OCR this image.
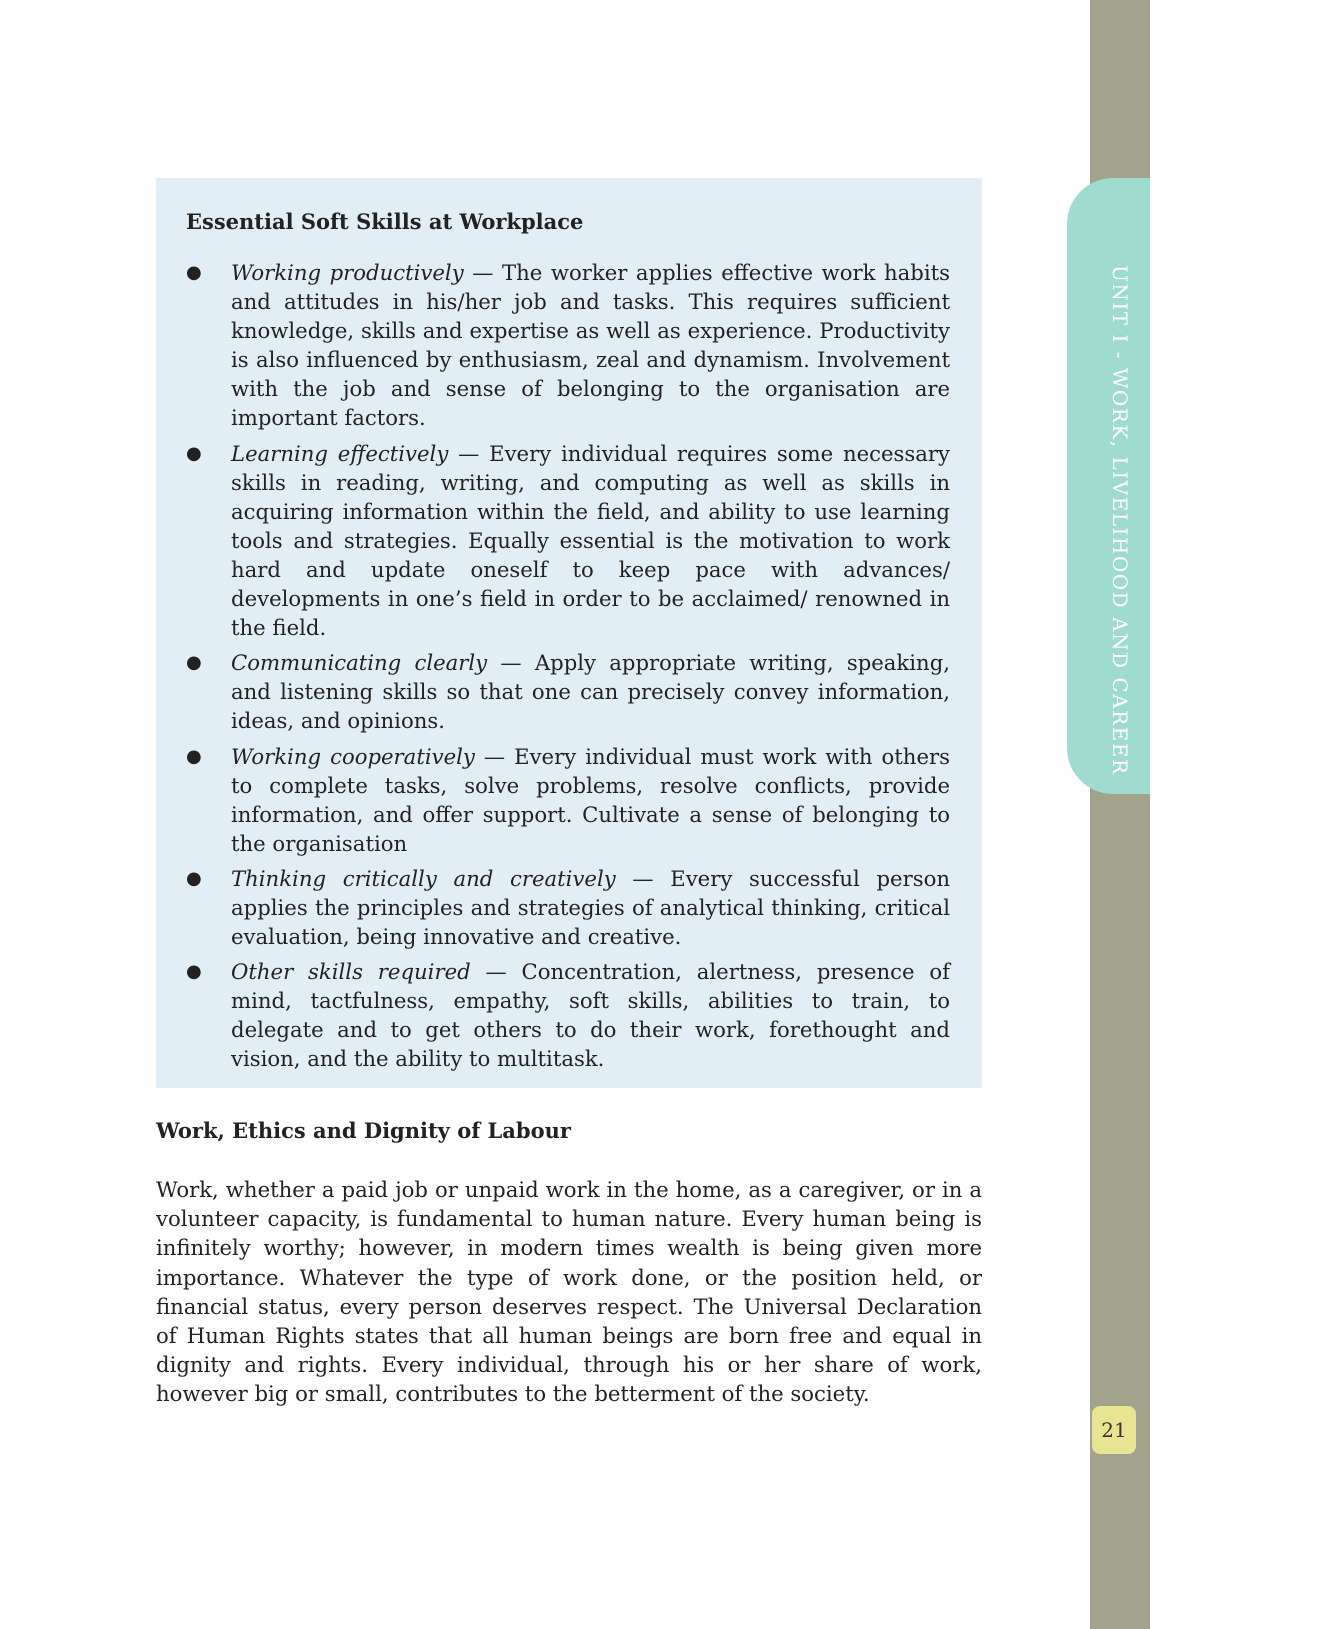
UNIT I - WORK, LIVELIHOOD AND CAREER
21
Essential Soft Skills at Workplace
● Working productively — The worker applies effective work habits and attitudes in his/her job and tasks. This requires sufficient knowledge, skills and expertise as well as experience. Productivity is also influenced by enthusiasm, zeal and dynamism. Involvement with the job and sense of belonging to the organisation are important factors.
● Learning effectively — Every individual requires some necessary skills in reading, writing, and computing as well as skills in acquiring information within the field, and ability to use learning tools and strategies. Equally essential is the motivation to work hard and update oneself to keep pace with advances/ developments in one’s field in order to be acclaimed/ renowned in the field.
● Communicating clearly — Apply appropriate writing, speaking, and listening skills so that one can precisely convey information, ideas, and opinions.
● Working cooperatively — Every individual must work with others to complete tasks, solve problems, resolve conflicts, provide information, and offer support. Cultivate a sense of belonging to the organisation
● Thinking critically and creatively — Every successful person applies the principles and strategies of analytical thinking, critical evaluation, being innovative and creative.
● Other skills required — Concentration, alertness, presence of mind, tactfulness, empathy, soft skills, abilities to train, to delegate and to get others to do their work, forethought and vision, and the ability to multitask.
Work, Ethics and Dignity of Labour

Work, whether a paid job or unpaid work in the home, as a caregiver, or in a volunteer capacity, is fundamental to human nature. Every human being is infinitely worthy; however, in modern times wealth is being given more importance. Whatever the type of work done, or the position held, or financial status, every person deserves respect. The Universal Declaration of Human Rights states that all human beings are born free and equal in dignity and rights. Every individual, through his or her share of work, however big or small, contributes to the betterment of the society.
